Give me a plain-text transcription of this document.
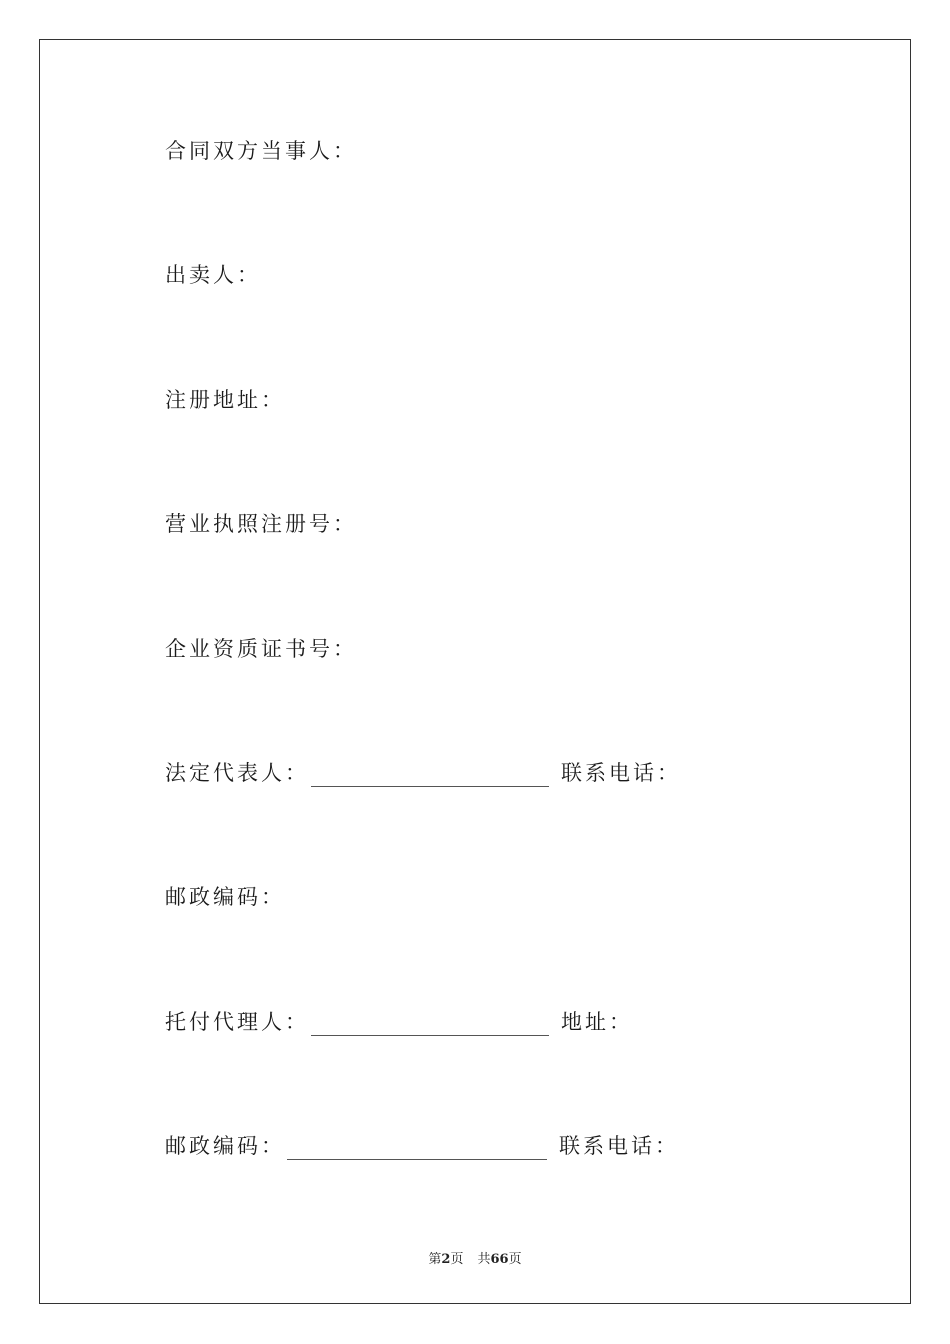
合同双方当事人：
出卖人：
注册地址：
营业执照注册号：
企业资质证书号：
法定代表人：	联系电话：
邮政编码：
托付代理人：	地址：
邮政编码：	联系电话：
第2页 共66页
